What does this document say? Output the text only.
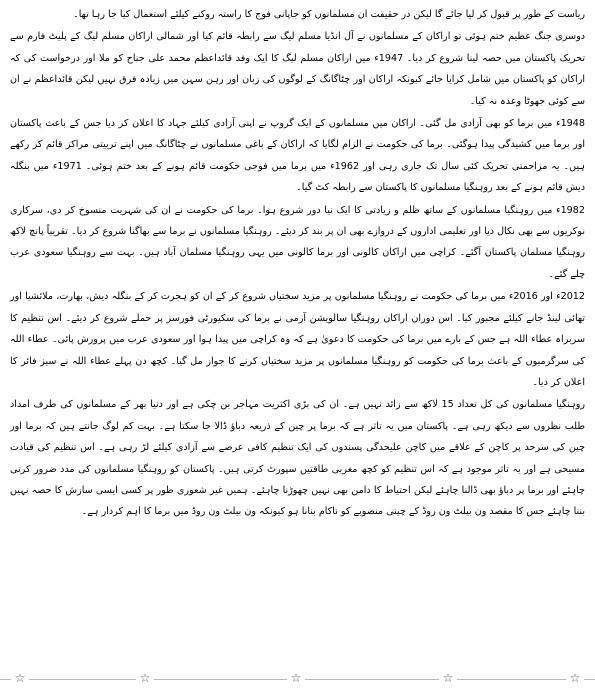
ریاست کے طور پر قبول کر لیا جائے گا لیکن در حقیقت ان مسلمانوں کو جاپانی فوج کا راستہ روکنے کیلئے استعمال کیا جا رہا تھا۔

دوسری جنگ عظیم ختم ہوئی تو اراکان کے مسلمانوں نے آل انڈیا مسلم لیگ سے رابطہ قائم کیا اور شمالی اراکان مسلم لیگ کے پلیٹ فارم سے تحریک پاکستان میں حصہ لینا شروع کر دیا۔ 1947ء میں اراکان مسلم لیگ کا ایک وفد قائداعظم محمد علی جناح کو ملا اور درخواست کی کہ اراکان کو پاکستان میں شامل کرایا جائے کیونکہ اراکان اور چٹاگانگ کے لوگوں کی زبان اور رہن سہن میں زیادہ فرق نہیں لیکن قائداعظم نے ان سے کوئی جھوٹا وعدہ نہ کیا۔

1948ء میں برما کو بھی آزادی مل گئی۔ اراکان میں مسلمانوں کے ایک گروپ نے اپنی آزادی کیلئے جہاد کا اعلان کر دیا جس کے باعث پاکستان اور برما میں کشیدگی پیدا ہوگئی۔ برما کی حکومت نے الزام لگایا کہ اراکان کے باغی مسلمانوں نے چٹاگانگ میں اپنے تربیتی مراکز قائم کر رکھے ہیں۔ یہ مزاحمتی تحریک کئی سال تک جاری رہی اور 1962ء میں برما میں فوجی حکومت قائم ہونے کے بعد ختم ہوئی۔ 1971ء میں بنگلہ دیش قائم ہونے کے بعد روہنگیا مسلمانوں کا پاکستان سے رابطہ کٹ گیا۔

1982ء میں روہنگیا مسلمانوں کے ساتھ ظلم و زیادتی کا ایک نیا دور شروع ہوا۔ برما کی حکومت نے ان کی شہریت منسوخ کر دی، سرکاری نوکریوں سے بھی نکال دیا اور تعلیمی اداروں کے دروازے بھی ان پر بند کر دیئے۔ روہنگیا مسلمانوں نے برما سے بھاگنا شروع کر دیا۔ تقریباً پانچ لاکھ روہنگیا مسلمان پاکستان آگئے۔ کراچی میں اراکان کالونی اور برما کالونی میں یہی روہنگیا مسلمان آباد ہیں۔ بہت سے روہنگیا سعودی عرب چلے گئے۔

2012ء اور 2016ء میں برما کی حکومت نے روہنگیا مسلمانوں پر مزید سختیاں شروع کر کے ان کو ہجرت کر کے بنگلہ دیش، بھارت، ملائشیا اور تھائی لینڈ جانے کیلئے مجبور کیا۔ اس دوران اراکان روہنگیا سالویشن آرمی نے برما کی سکیورٹی فورسز پر حملے شروع کر دیئے۔ اس تنظیم کا سربراہ عطاء اللہ ہے جس کے بارے میں برما کی حکومت کا دعویٰ ہے کہ وہ کراچی میں پیدا ہوا اور سعودی عرب میں پرورش پائی۔ عطاء اللہ کی سرگرمیوں کے باعث برما کی حکومت کو روہنگیا مسلمانوں پر مزید سختیاں کرنے کا جواز مل گیا۔ کچھ دن پہلے عطاء اللہ نے سیز فائر کا اعلان کر دیا۔

روہنگیا مسلمانوں کی کل تعداد 15 لاکھ سے زائد نہیں ہے۔ ان کی بڑی اکثریت مہاجر بن چکی ہے اور دنیا بھر کے مسلمانوں کی طرف امداد طلب نظروں سے دیکھ رہی ہے۔ پاکستان میں یہ تاثر ہے کہ برما پر چین کے ذریعہ دباؤ ڈالا جا سکتا ہے۔ بہت کم لوگ جانتے ہیں کہ برما اور چین کی سرحد پر کاچن کے علاقے میں کاچن علیحدگی پسندوں کی ایک تنظیم کافی عرصے سے آزادی کیلئے لڑ رہی ہے۔ اس تنظیم کی قیادت مسیحی ہے اور یہ تاثر موجود ہے کہ اس تنظیم کو کچھ مغربی طاقتیں سپورٹ کرتی ہیں۔ پاکستان کو روہنگیا مسلمانوں کی مدد ضرور کرنی چاہئے اور برما پر دباؤ بھی ڈالنا چاہئے لیکن احتیاط کا دامن بھی نہیں چھوڑنا چاہئے۔ ہمیں غیر شعوری طور پر کسی ایسی سازش کا حصہ نہیں بننا چاہئے جس کا مقصد ون بیلٹ ون روڈ کے چینی منصوبے کو ناکام بنانا ہو کیونکہ ون بیلٹ ون روڈ میں برما کا اہم کردار ہے۔

☆	☆	☆	☆	☆
